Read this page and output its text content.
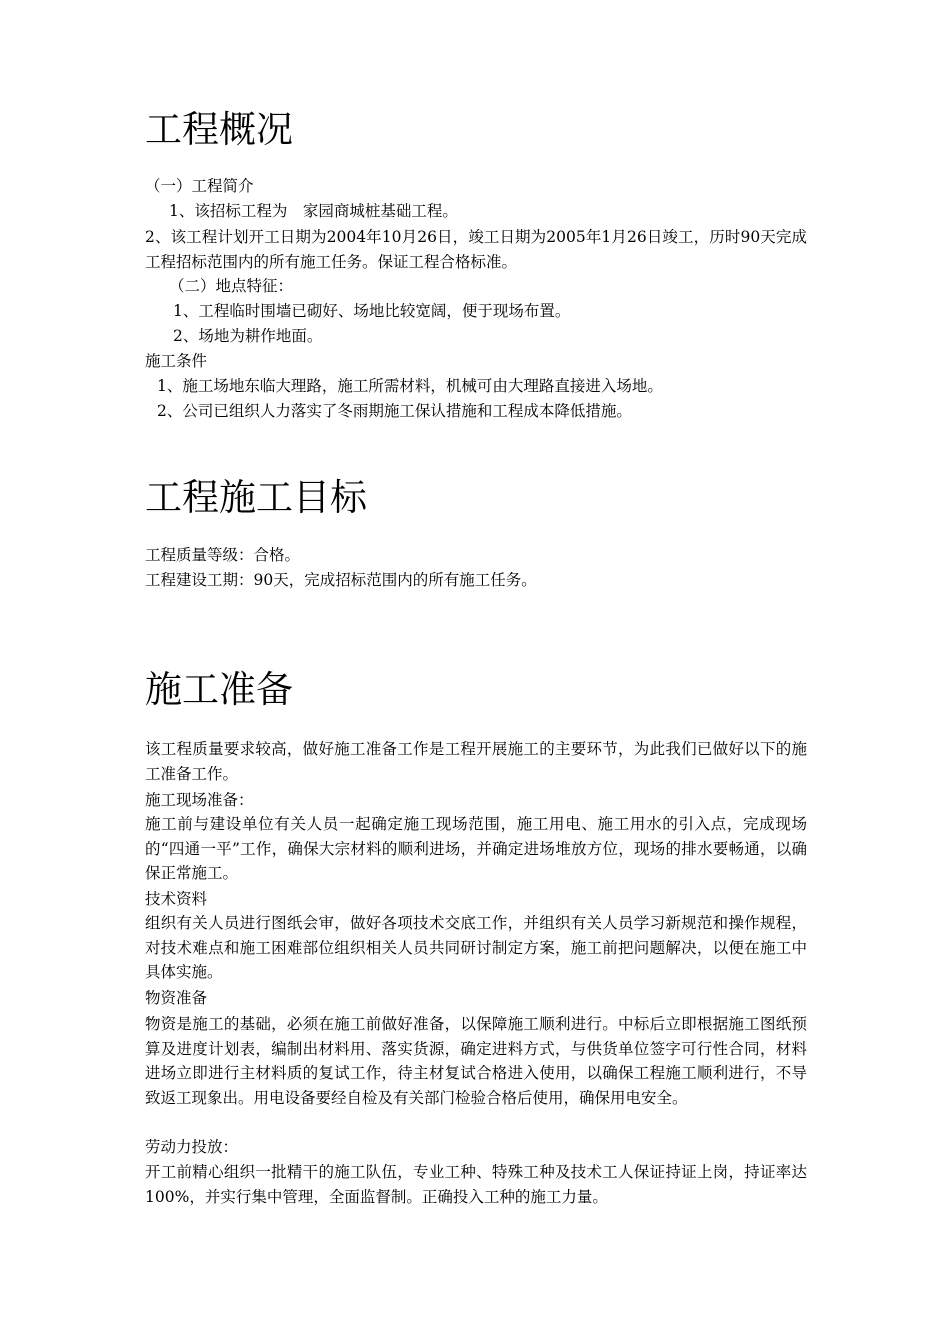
工程概况
（一）工程简介
1、该招标工程为　家园商城桩基础工程。
2、该工程计划开工日期为2004年10月26日，竣工日期为2005年1月26日竣工，历时90天完成工程招标范围内的所有施工任务。保证工程合格标准。
（二）地点特征：
1、工程临时围墙已砌好、场地比较宽阔，便于现场布置。
2、场地为耕作地面。
施工条件
1、施工场地东临大理路，施工所需材料，机械可由大理路直接进入场地。
2、公司已组织人力落实了冬雨期施工保认措施和工程成本降低措施。
工程施工目标
工程质量等级：合格。
工程建设工期：90天，完成招标范围内的所有施工任务。
施工准备
该工程质量要求较高，做好施工准备工作是工程开展施工的主要环节，为此我们已做好以下的施工准备工作。
施工现场准备：
施工前与建设单位有关人员一起确定施工现场范围，施工用电、施工用水的引入点，完成现场的“四通一平”工作，确保大宗材料的顺利进场，并确定进场堆放方位，现场的排水要畅通，以确保正常施工。
技术资料
组织有关人员进行图纸会审，做好各项技术交底工作，并组织有关人员学习新规范和操作规程，对技术难点和施工困难部位组织相关人员共同研讨制定方案，施工前把问题解决，以便在施工中具体实施。
物资准备
物资是施工的基础，必须在施工前做好准备，以保障施工顺利进行。中标后立即根据施工图纸预算及进度计划表，编制出材料用、落实货源，确定进料方式，与供货单位签字可行性合同，材料进场立即进行主材料质的复试工作，待主材复试合格进入使用，以确保工程施工顺利进行，不导致返工现象出。用电设备要经自检及有关部门检验合格后使用，确保用电安全。
劳动力投放：
开工前精心组织一批精干的施工队伍，专业工种、特殊工种及技术工人保证持证上岗，持证率达100%，并实行集中管理，全面监督制。正确投入工种的施工力量。
